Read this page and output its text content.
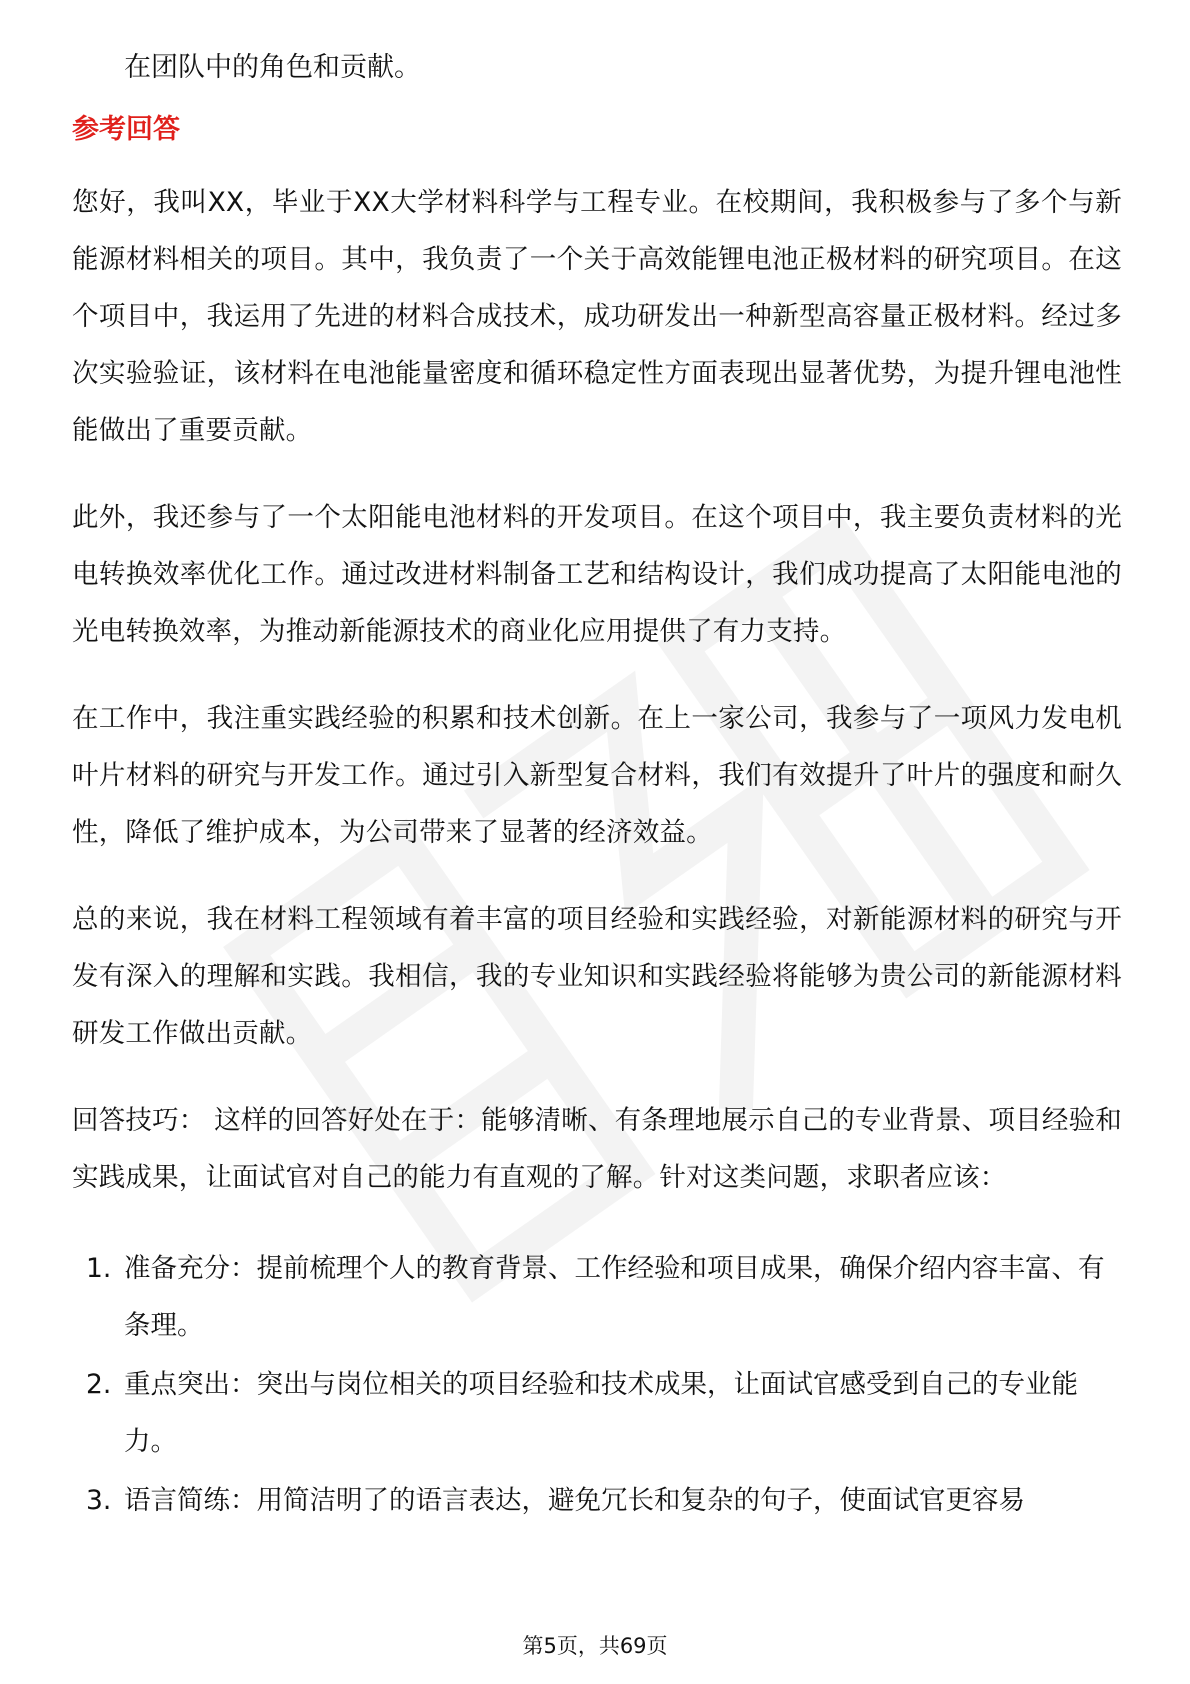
在团队中的角色和贡献。
参考回答

您好，我叫XX，毕业于XX大学材料科学与工程专业。在校期间，我积极参与了多个与新能源材料相关的项目。其中，我负责了一个关于高效能锂电池正极材料的研究项目。在这个项目中，我运用了先进的材料合成技术，成功研发出一种新型高容量正极材料。经过多次实验验证，该材料在电池能量密度和循环稳定性方面表现出显著优势，为提升锂电池性能做出了重要贡献。

此外，我还参与了一个太阳能电池材料的开发项目。在这个项目中，我主要负责材料的光电转换效率优化工作。通过改进材料制备工艺和结构设计，我们成功提高了太阳能电池的光电转换效率，为推动新能源技术的商业化应用提供了有力支持。

在工作中，我注重实践经验的积累和技术创新。在上一家公司，我参与了一项风力发电机叶片材料的研究与开发工作。通过引入新型复合材料，我们有效提升了叶片的强度和耐久性，降低了维护成本，为公司带来了显著的经济效益。

总的来说，我在材料工程领域有着丰富的项目经验和实践经验，对新能源材料的研究与开发有深入的理解和实践。我相信，我的专业知识和实践经验将能够为贵公司的新能源材料研发工作做出贡献。

回答技巧： 这样的回答好处在于：能够清晰、有条理地展示自己的专业背景、项目经验和实践成果，让面试官对自己的能力有直观的了解。针对这类问题，求职者应该：

1. 准备充分：提前梳理个人的教育背景、工作经验和项目成果，确保介绍内容丰富、有条理。
2. 重点突出：突出与岗位相关的项目经验和技术成果，让面试官感受到自己的专业能力。
3. 语言简练：用简洁明了的语言表达，避免冗长和复杂的句子，使面试官更容易
第5页，共69页
